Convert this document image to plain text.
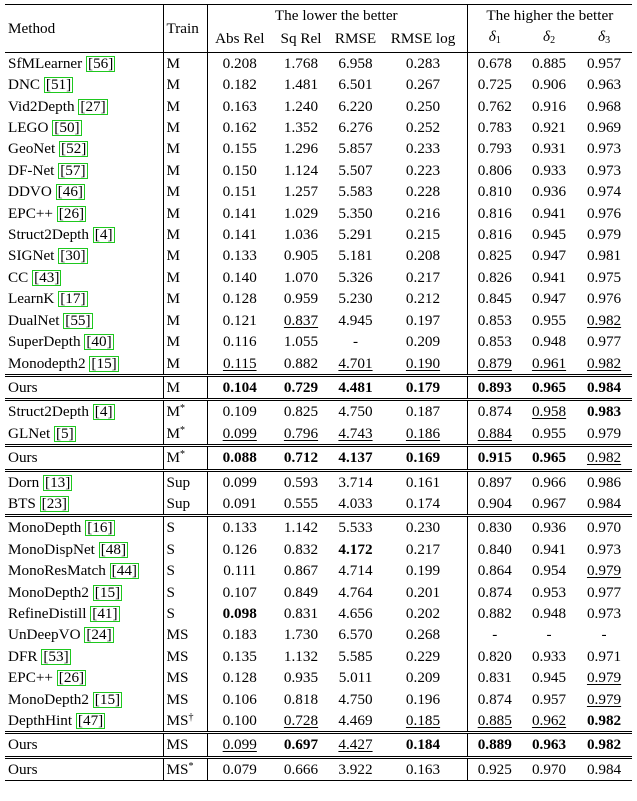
Method	Train	The lower the better					The higher the better		
		Abs Rel	Sq Rel	RMSE	RMSE log		$\delta_1$	$\delta_2$	$\delta_3$
SfMLearner [56]	M	0.208	1.768	6.958	0.283		0.678	0.885	0.957
DNC [51]	M	0.182	1.481	6.501	0.267		0.725	0.906	0.963
Vid2Depth [27]	M	0.163	1.240	6.220	0.250		0.762	0.916	0.968
LEGO [50]	M	0.162	1.352	6.276	0.252		0.783	0.921	0.969
GeoNet [52]	M	0.155	1.296	5.857	0.233		0.793	0.931	0.973
DF-Net [57]	M	0.150	1.124	5.507	0.223		0.806	0.933	0.973
DDVO [46]	M	0.151	1.257	5.583	0.228		0.810	0.936	0.974
EPC++ [26]	M	0.141	1.029	5.350	0.216		0.816	0.941	0.976
Struct2Depth [4]	M	0.141	1.036	5.291	0.215		0.816	0.945	0.979
SIGNet [30]	M	0.133	0.905	5.181	0.208		0.825	0.947	0.981
CC [43]	M	0.140	1.070	5.326	0.217		0.826	0.941	0.975
LearnK [17]	M	0.128	0.959	5.230	0.212		0.845	0.947	0.976
DualNet [55]	M	0.121	0.837	4.945	0.197		0.853	0.955	0.982
SuperDepth [40]	M	0.116	1.055	-	0.209		0.853	0.948	0.977
Monodepth2 [15]	M	0.115	0.882	4.701	0.190		0.879	0.961	0.982
Ours	M	0.104	0.729	4.481	0.179		0.893	0.965	0.984
Struct2Depth [4]	M*	0.109	0.825	4.750	0.187		0.874	0.958	0.983
GLNet [5]	M*	0.099	0.796	4.743	0.186		0.884	0.955	0.979
Ours	M*	0.088	0.712	4.137	0.169		0.915	0.965	0.982
Dorn [13]	Sup	0.099	0.593	3.714	0.161		0.897	0.966	0.986
BTS [23]	Sup	0.091	0.555	4.033	0.174		0.904	0.967	0.984
MonoDepth [16]	S	0.133	1.142	5.533	0.230		0.830	0.936	0.970
MonoDispNet [48]	S	0.126	0.832	4.172	0.217		0.840	0.941	0.973
MonoResMatch [44]	S	0.111	0.867	4.714	0.199		0.864	0.954	0.979
MonoDepth2 [15]	S	0.107	0.849	4.764	0.201		0.874	0.953	0.977
RefineDistill [41]	S	0.098	0.831	4.656	0.202		0.882	0.948	0.973
UnDeepVO [24]	MS	0.183	1.730	6.570	0.268		-	-	-
DFR [53]	MS	0.135	1.132	5.585	0.229		0.820	0.933	0.971
EPC++ [26]	MS	0.128	0.935	5.011	0.209		0.831	0.945	0.979
MonoDepth2 [15]	MS	0.106	0.818	4.750	0.196		0.874	0.957	0.979
DepthHint [47]	MS†	0.100	0.728	4.469	0.185		0.885	0.962	0.982
Ours	MS	0.099	0.697	4.427	0.184		0.889	0.963	0.982
Ours	MS*	0.079	0.666	3.922	0.163		0.925	0.970	0.984
